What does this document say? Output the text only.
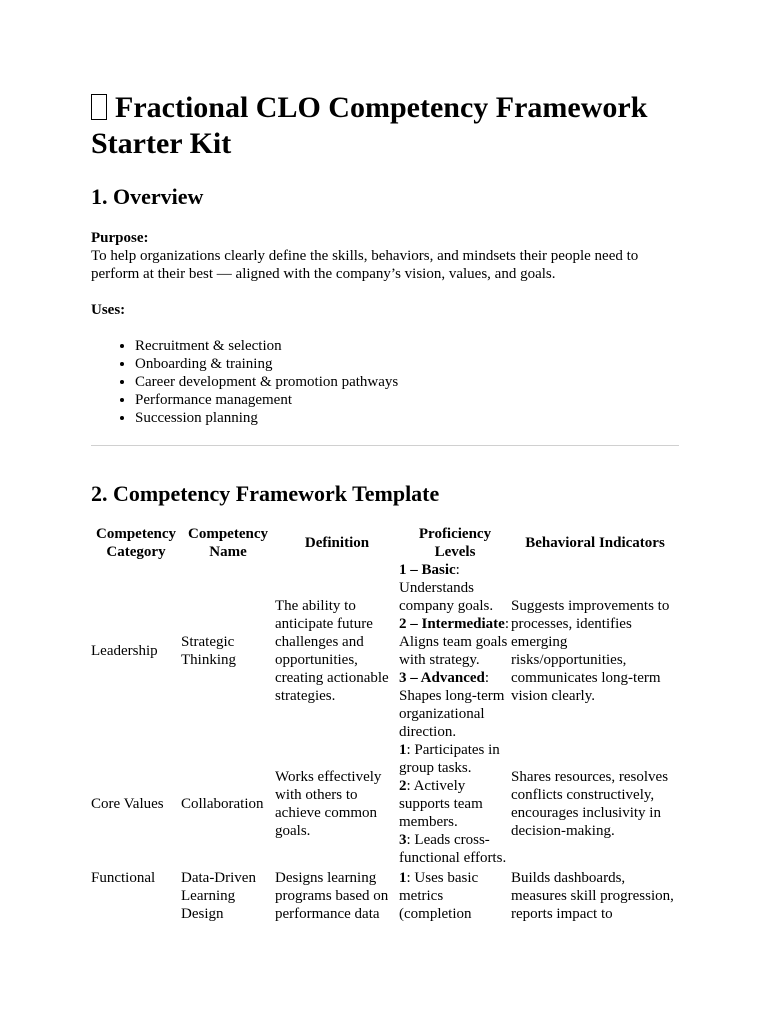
Fractional CLO Competency Framework Starter Kit
1. Overview

Purpose:

To help organizations clearly define the skills, behaviors, and mindsets their people need to perform at their best — aligned with the company’s vision, values, and goals.

Uses:

• Recruitment & selection
• Onboarding & training
• Career development & promotion pathways
• Performance management
• Succession planning
2. Competency Framework Template
Competency Category	Competency Name	Definition	Proficiency Levels	Behavioral Indicators
Leadership	Strategic Thinking	The ability to anticipate future challenges and opportunities, creating actionable strategies.	1 – Basic: Understands company goals.
2 – Intermediate: Aligns team goals with strategy.
3 – Advanced: Shapes long-term organizational direction.	Suggests improvements to processes, identifies emerging risks/opportunities, communicates long-term vision clearly.
Core Values	Collaboration	Works effectively with others to achieve common goals.	1: Participates in group tasks.
2: Actively supports team members.
3: Leads cross-functional efforts.	Shares resources, resolves conflicts constructively, encourages inclusivity in decision-making.
Functional	Data-Driven Learning Design	Designs learning programs based on performance data	1: Uses basic metrics (completion	Builds dashboards, measures skill progression, reports impact to
